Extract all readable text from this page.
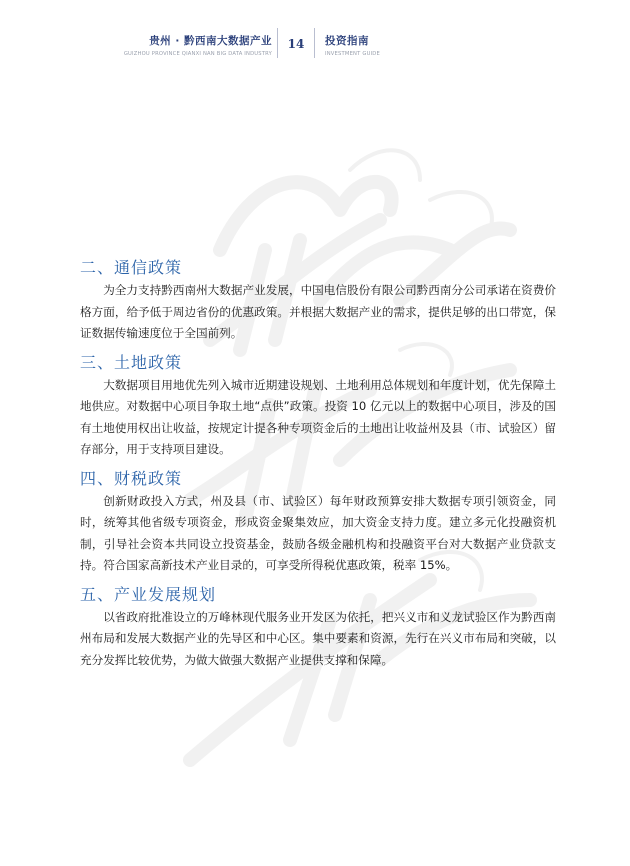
贵州 · 黔西南大数据产业
GUIZHOU PROVINCE QIANXI NAN BIG DATA INDUSTRY
14	投资指南
INVESTMENT GUIDE
二、通信政策

为全力支持黔西南州大数据产业发展，中国电信股份有限公司黔西南分公司承诺在资费价格方面，给予低于周边省份的优惠政策。并根据大数据产业的需求，提供足够的出口带宽，保证数据传输速度位于全国前列。

三、土地政策

大数据项目用地优先列入城市近期建设规划、土地利用总体规划和年度计划，优先保障土地供应。对数据中心项目争取土地“点供”政策。投资 10 亿元以上的数据中心项目，涉及的国有土地使用权出让收益，按规定计提各种专项资金后的土地出让收益州及县（市、试验区）留存部分，用于支持项目建设。

四、财税政策

创新财政投入方式，州及县（市、试验区）每年财政预算安排大数据专项引领资金，同时，统筹其他省级专项资金，形成资金聚集效应，加大资金支持力度。建立多元化投融资机制，引导社会资本共同设立投资基金，鼓励各级金融机构和投融资平台对大数据产业贷款支持。符合国家高新技术产业目录的，可享受所得税优惠政策，税率 15%。

五、产业发展规划

以省政府批准设立的万峰林现代服务业开发区为依托，把兴义市和义龙试验区作为黔西南州布局和发展大数据产业的先导区和中心区。集中要素和资源，先行在兴义市布局和突破，以充分发挥比较优势，为做大做强大数据产业提供支撑和保障。
